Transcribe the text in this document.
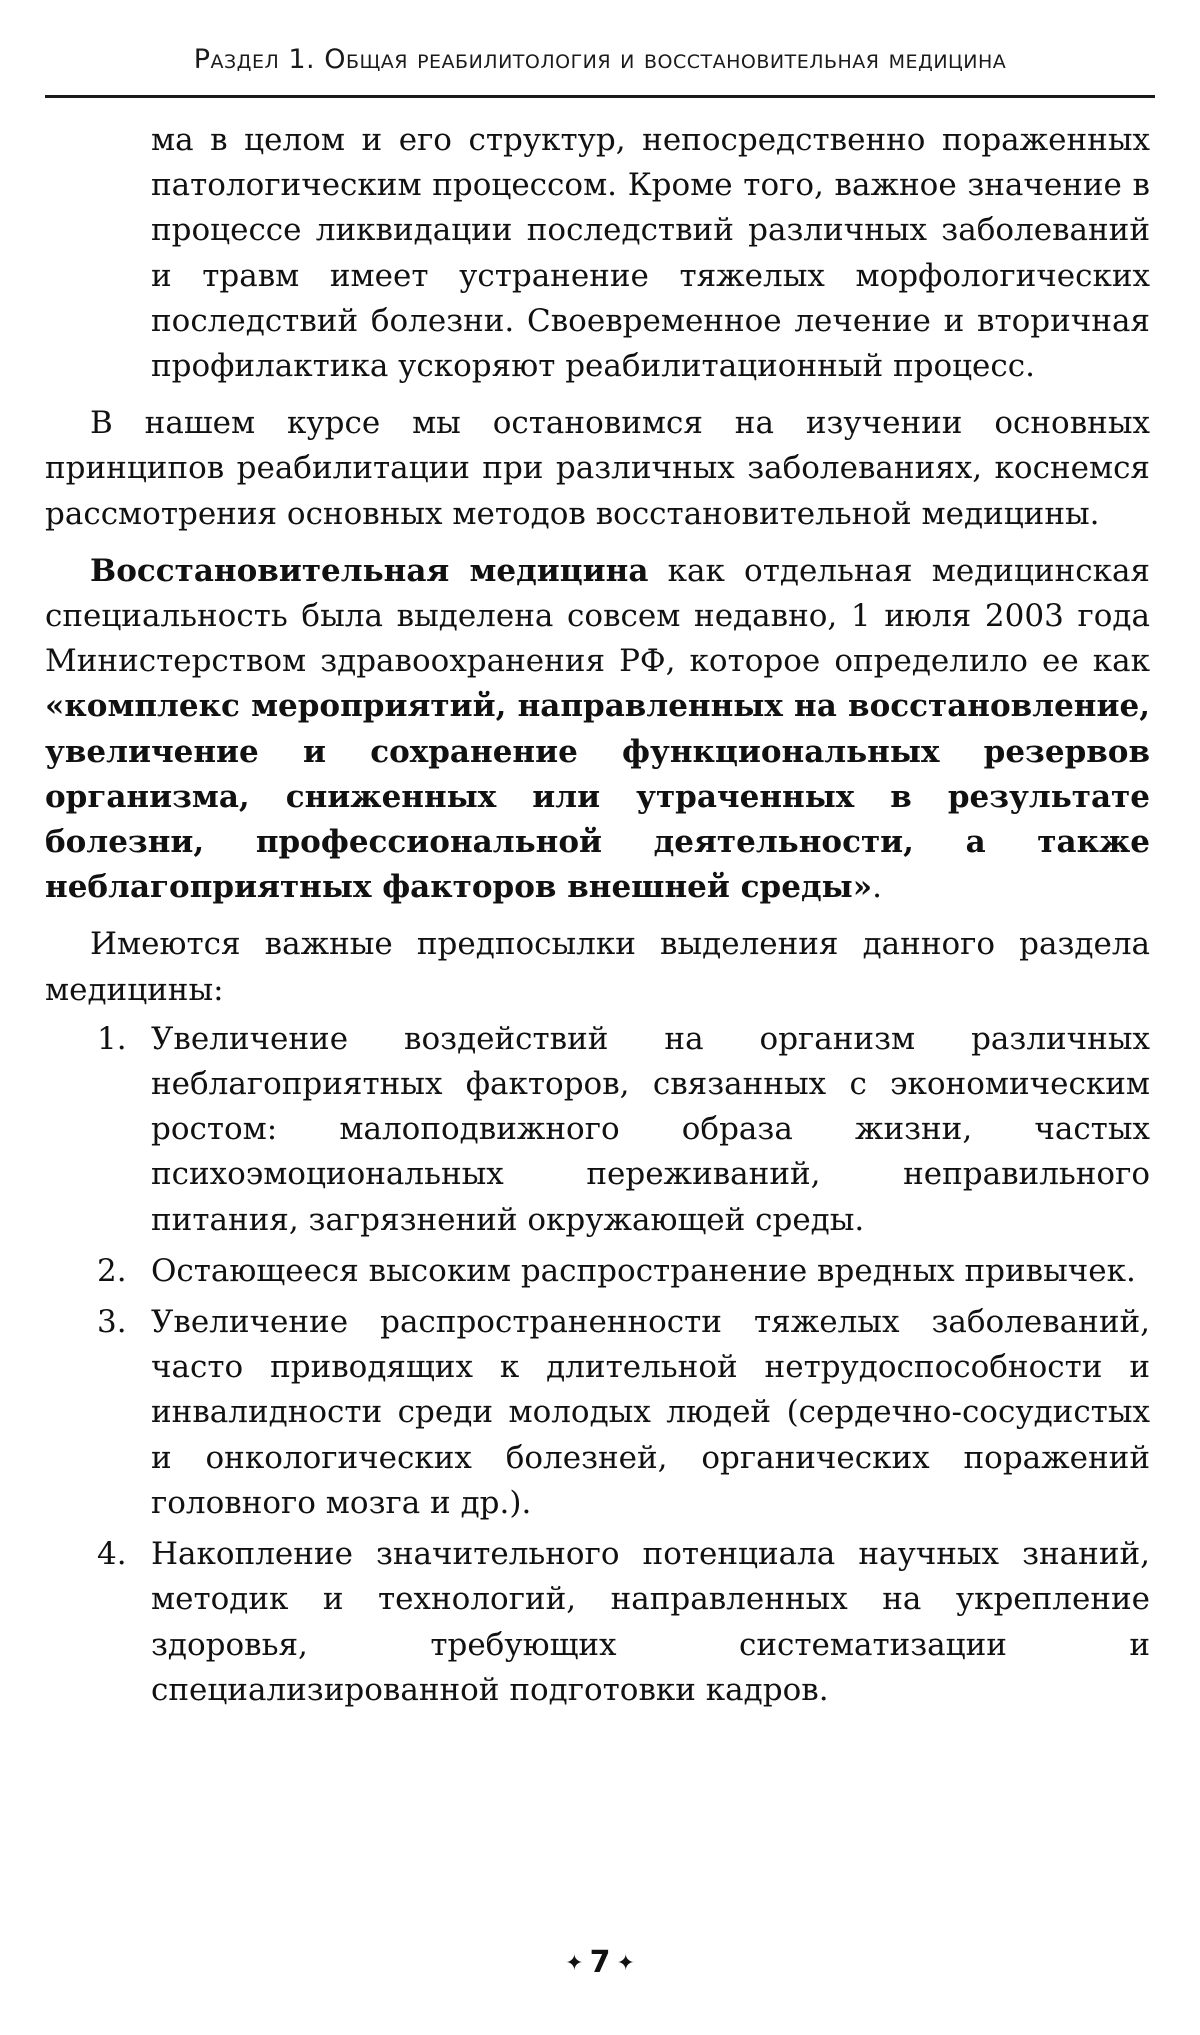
Раздел 1. Общая реабилитология и восстановительная медицина

ма в целом и его структур, непосредственно пораженных патологическим процессом. Кроме того, важное значение в процессе ликвидации последствий различных заболеваний и травм имеет устранение тяжелых морфологических последствий болезни. Своевременное лечение и вторичная профилактика ускоряют реабилитационный процесс.

В нашем курсе мы остановимся на изучении основных принципов реабилитации при различных заболеваниях, коснемся рассмотрения основных методов восстановительной медицины.

Восстановительная медицина как отдельная медицинская специальность была выделена совсем недавно, 1 июля 2003 года Министерством здравоохранения РФ, которое определило ее как «комплекс мероприятий, направленных на восстановление, увеличение и сохранение функциональных резервов организма, сниженных или утраченных в результате болезни, профессиональной деятельности, а также неблагоприятных факторов внешней среды».

Имеются важные предпосылки выделения данного раздела медицины:

1. Увеличение воздействий на организм различных неблагоприятных факторов, связанных с экономическим ростом: малоподвижного образа жизни, частых психоэмоциональных переживаний, неправильного питания, загрязнений окружающей среды.
2. Остающееся высоким распространение вредных привычек.
3. Увеличение распространенности тяжелых заболеваний, часто приводящих к длительной нетрудоспособности и инвалидности среди молодых людей (сердечно-сосудистых и онкологических болезней, органических поражений головного мозга и др.).
4. Накопление значительного потенциала научных знаний, методик и технологий, направленных на укрепление здоровья, требующих систематизации и специализированной подготовки кадров.
✦ 7 ✦
